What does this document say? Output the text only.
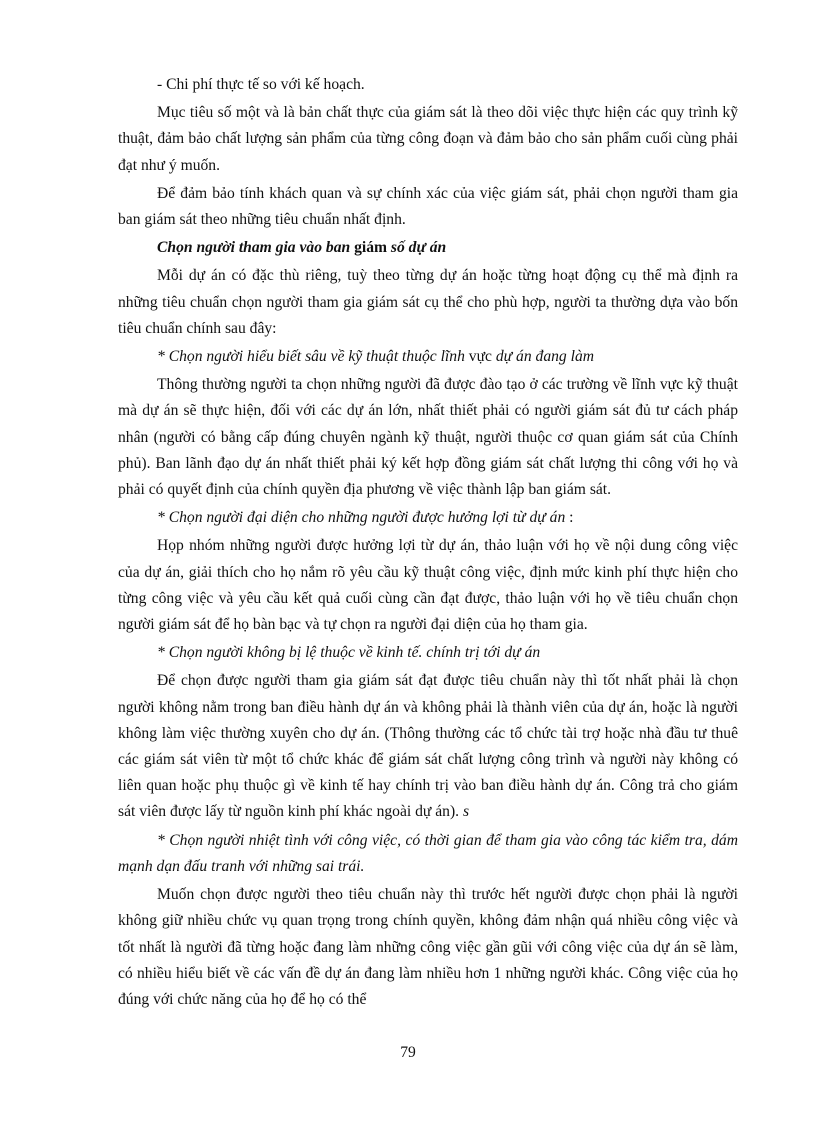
- Chi phí thực tế so với kế hoạch.

Mục tiêu số một và là bản chất thực của giám sát là theo dõi việc thực hiện các quy trình kỹ thuật, đảm bảo chất lượng sản phẩm của từng công đoạn và đảm bảo cho sản phẩm cuối cùng phải đạt như ý muốn.

Để đảm bảo tính khách quan và sự chính xác của việc giám sát, phải chọn người tham gia ban giám sát theo những tiêu chuẩn nhất định.

Chọn người tham gia vào ban giám số dự án

Mỗi dự án có đặc thù riêng, tuỳ theo từng dự án hoặc từng hoạt động cụ thể mà định ra những tiêu chuẩn chọn người tham gia giám sát cụ thể cho phù hợp, người ta thường dựa vào bốn tiêu chuẩn chính sau đây:

* Chọn người hiểu biết sâu về kỹ thuật thuộc lĩnh vực dự án đang làm

Thông thường người ta chọn những người đã được đào tạo ở các trường về lĩnh vực kỹ thuật mà dự án sẽ thực hiện, đối với các dự án lớn, nhất thiết phải có người giám sát đủ tư cách pháp nhân (người có bằng cấp đúng chuyên ngành kỹ thuật, người thuộc cơ quan giám sát của Chính phủ). Ban lãnh đạo dự án nhất thiết phải ký kết hợp đồng giám sát chất lượng thi công với họ và phải có quyết định của chính quyền địa phương về việc thành lập ban giám sát.

* Chọn người đại diện cho những người được hưởng lợi từ dự án :

Họp nhóm những người được hưởng lợi từ dự án, thảo luận với họ về nội dung công việc của dự án, giải thích cho họ nắm rõ yêu cầu kỹ thuật công việc, định mức kinh phí thực hiện cho từng công việc và yêu cầu kết quả cuối cùng cần đạt được, thảo luận với họ về tiêu chuẩn chọn người giám sát để họ bàn bạc và tự chọn ra người đại diện của họ tham gia.

* Chọn người không bị lệ thuộc về kinh tế. chính trị tới dự án

Để chọn được người tham gia giám sát đạt được tiêu chuẩn này thì tốt nhất phải là chọn người không nằm trong ban điều hành dự án và không phải là thành viên của dự án, hoặc là người không làm việc thường xuyên cho dự án. (Thông thường các tổ chức tài trợ hoặc nhà đầu tư thuê các giám sát viên từ một tổ chức khác để giám sát chất lượng công trình và người này không có liên quan hoặc phụ thuộc gì về kinh tế hay chính trị vào ban điều hành dự án. Công trả cho giám sát viên được lấy từ nguồn kinh phí khác ngoài dự án). s

* Chọn người nhiệt tình với công việc, có thời gian để tham gia vào công tác kiểm tra, dám mạnh dạn đấu tranh với những sai trái.

Muốn chọn được người theo tiêu chuẩn này thì trước hết người được chọn phải là người không giữ nhiều chức vụ quan trọng trong chính quyền, không đảm nhận quá nhiều công việc và tốt nhất là người đã từng hoặc đang làm những công việc gần gũi với công việc của dự án sẽ làm, có nhiều hiểu biết về các vấn đề dự án đang làm nhiều hơn 1 những người khác. Công việc của họ đúng với chức năng của họ để họ có thể

79
